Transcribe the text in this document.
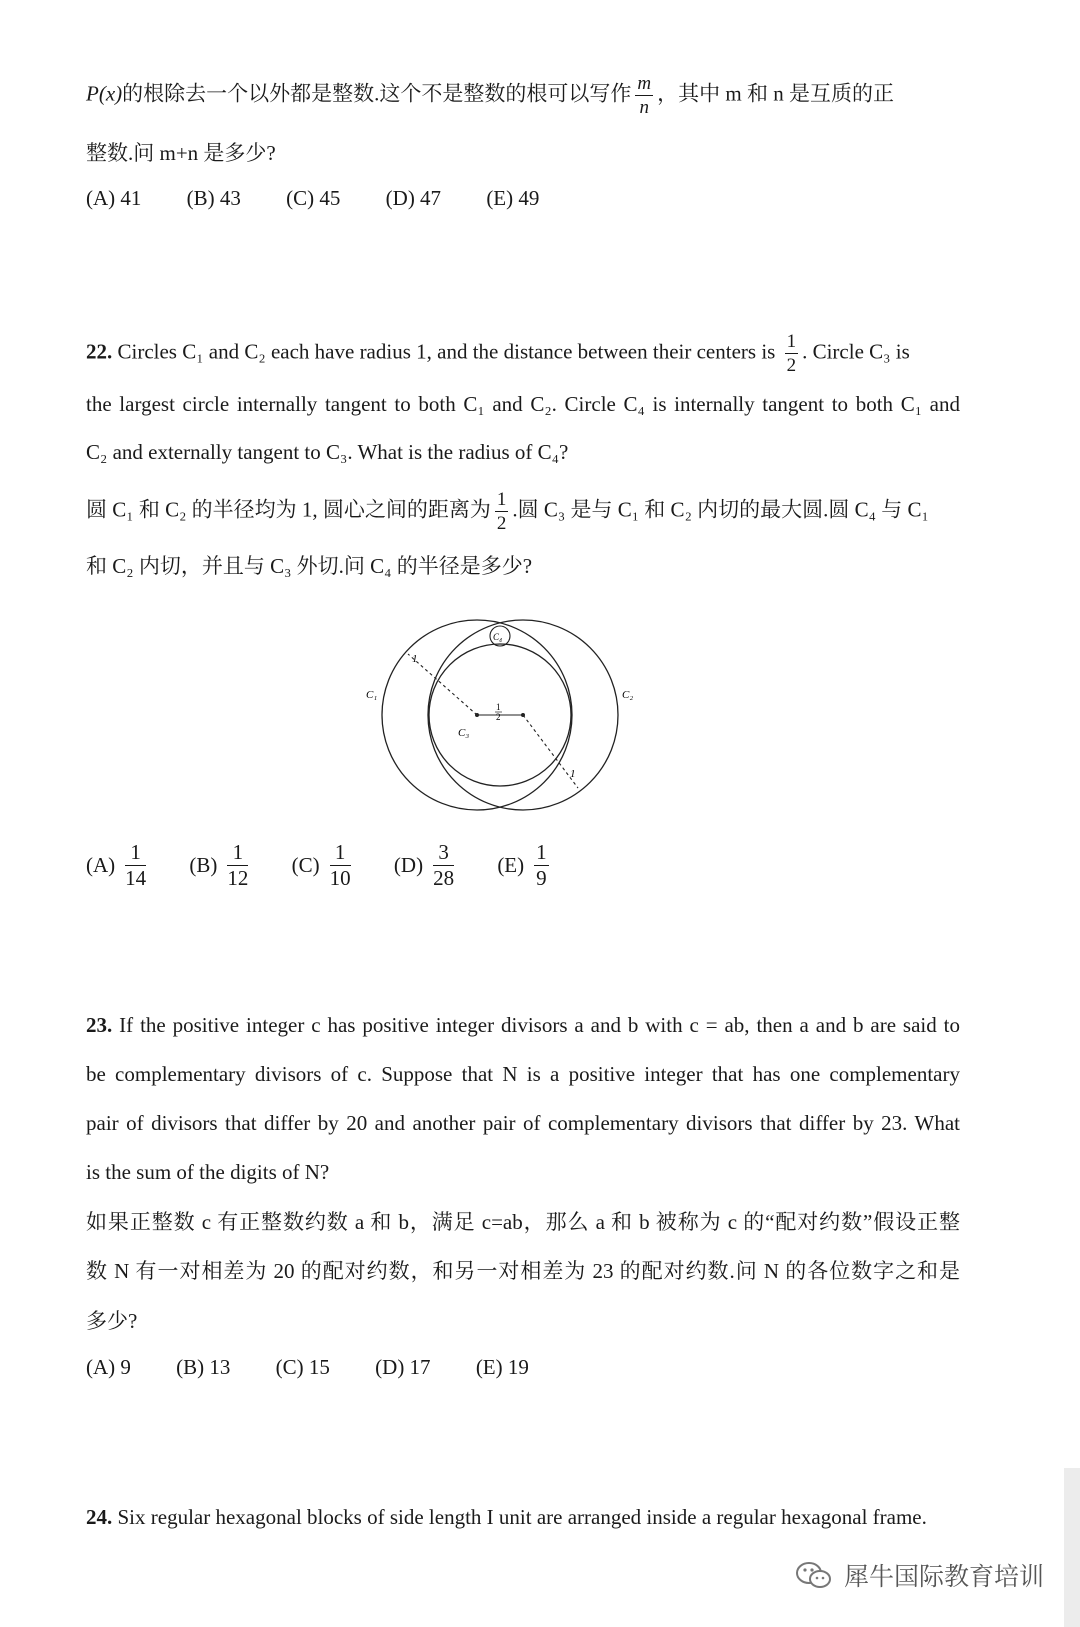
P(x)的根除去一个以外都是整数.这个不是整数的根可以写作 $\frac{m}{n}$ ，其中 m 和 n 是互质的正
整数.问 m+n 是多少?
(A) 41 (B) 43 (C) 45 (D) 47 (E) 49
22. Circles C₁ and C₂ each have radius 1, and the distance between their centers is $\frac{1}{2}$ . Circle C₃ is
the largest circle internally tangent to both C₁ and C₂. Circle C₄ is internally tangent to both C₁ and
C₂ and externally tangent to C₃. What is the radius of C₄?
圆 C₁ 和 C₂ 的半径均为 1, 圆心之间的距离为 $\frac{1}{2}$ .圆 C₃ 是与 C₁ 和 C₂ 内切的最大圆.圆 C₄ 与 C₁
和 C₂ 内切，并且与 C₃ 外切.问 C₄ 的半径是多少?
1
1
1
2
C₁	C₂
C₃
C₄
$(A) \frac{1}{14}$
$(B) \frac{1}{12}$
$(C) \frac{1}{10}$
$(D) \frac{3}{28}$
$(E) \frac{1}{9}$
23. If the positive integer c has positive integer divisors a and b with c = ab, then a and b are said to
be complementary divisors of c. Suppose that N is a positive integer that has one complementary
pair of divisors that differ by 20 and another pair of complementary divisors that differ by 23. What
is the sum of the digits of N?
如果正整数 c 有正整数约数 a 和 b，满足 c=ab，那么 a 和 b 被称为 c 的“配对约数”假设正整
数 N 有一对相差为 20 的配对约数，和另一对相差为 23 的配对约数.问 N 的各位数字之和是
多少?
(A) 9 (B) 13 (C) 15 (D) 17 (E) 19
24. Six regular hexagonal blocks of side length I unit are arranged inside a regular hexagonal frame.
犀牛国际教育培训
